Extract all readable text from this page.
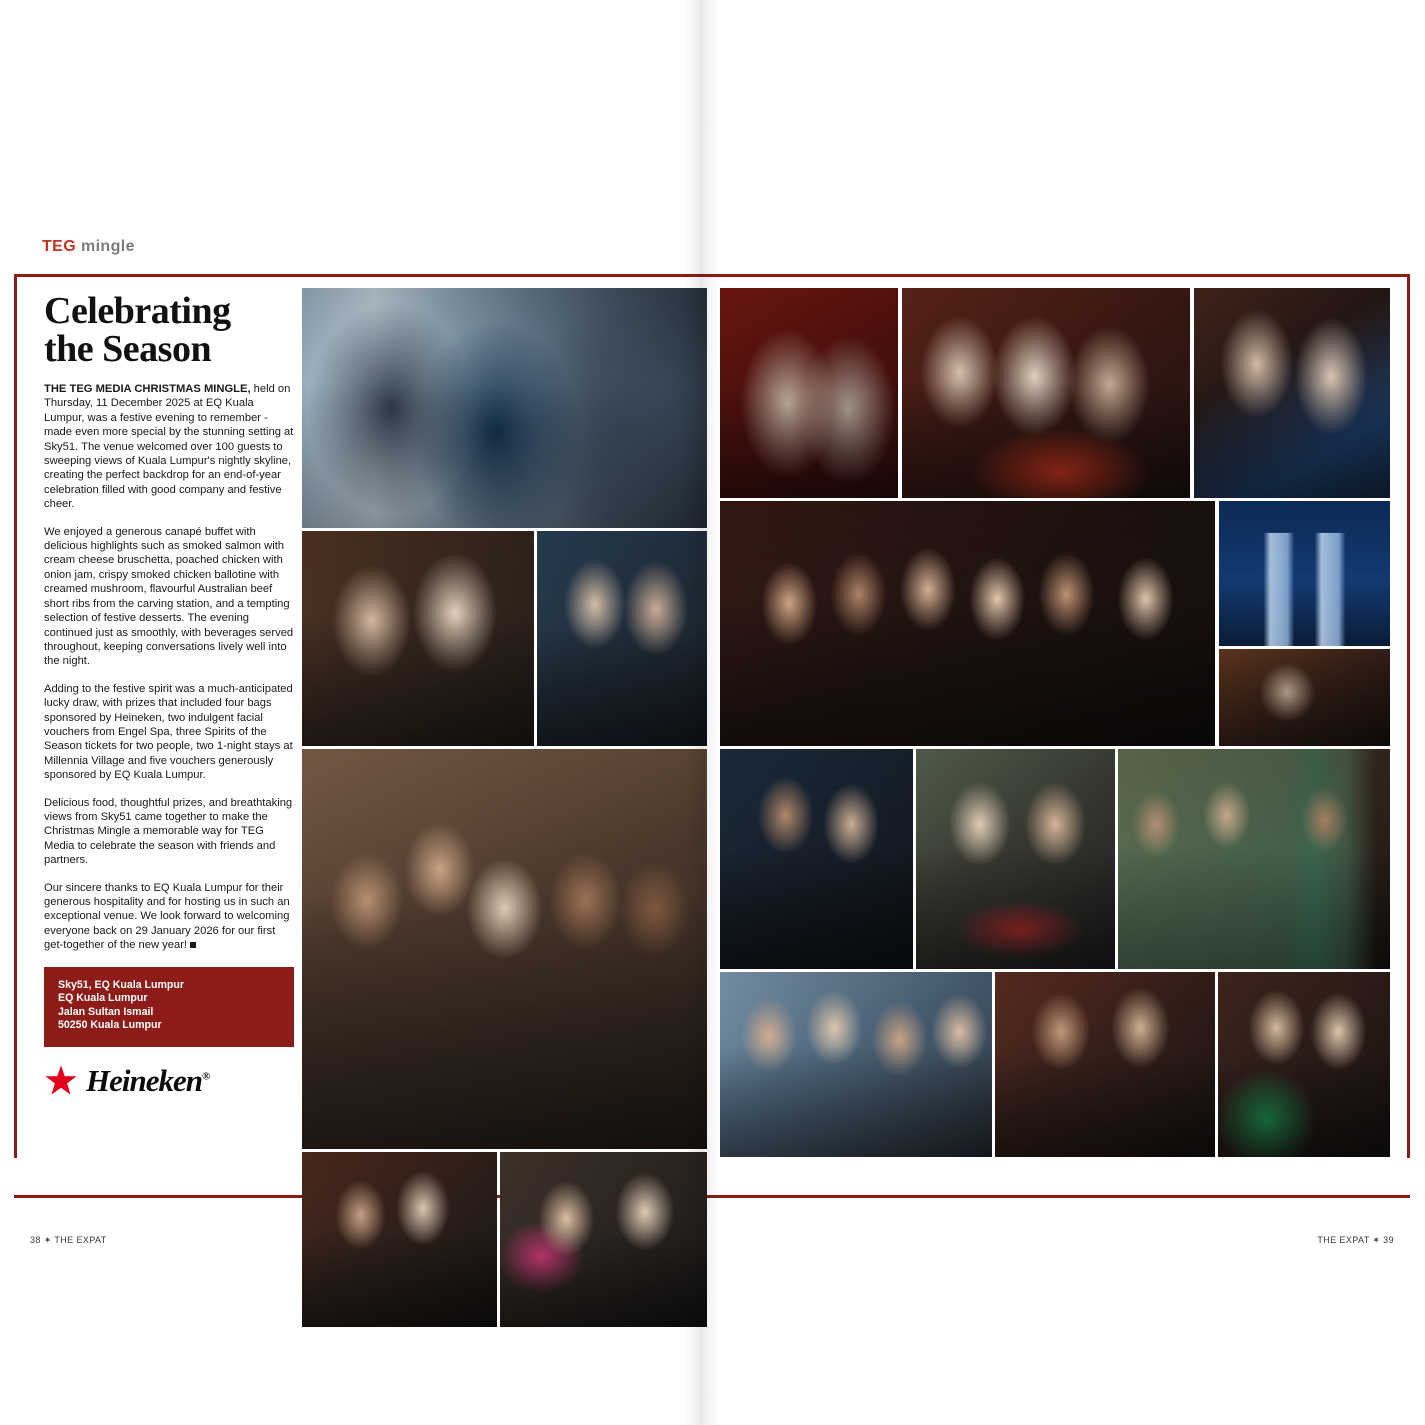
TEG mingle
Celebrating
the Season

THE TEG MEDIA CHRISTMAS MINGLE, held on Thursday, 11 December 2025 at EQ Kuala Lumpur, was a festive evening to remember - made even more special by the stunning setting at Sky51. The venue welcomed over 100 guests to sweeping views of Kuala Lumpur's nightly skyline, creating the perfect backdrop for an end-of-year celebration filled with good company and festive cheer.

We enjoyed a generous canapé buffet with delicious highlights such as smoked salmon with cream cheese bruschetta, poached chicken with onion jam, crispy smoked chicken ballotine with creamed mushroom, flavourful Australian beef short ribs from the carving station, and a tempting selection of festive desserts. The evening continued just as smoothly, with beverages served throughout, keeping conversations lively well into the night.

Adding to the festive spirit was a much-anticipated lucky draw, with prizes that included four bags sponsored by Heineken, two indulgent facial vouchers from Engel Spa, three Spirits of the Season tickets for two people, two 1-night stays at Millennia Village and five vouchers generously sponsored by EQ Kuala Lumpur.

Delicious food, thoughtful prizes, and breathtaking views from Sky51 came together to make the Christmas Mingle a memorable way for TEG Media to celebrate the season with friends and partners.

Our sincere thanks to EQ Kuala Lumpur for their generous hospitality and for hosting us in such an exceptional venue. We look forward to welcoming everyone back on 29 January 2026 for our first get-together of the new year!

Sky51, EQ Kuala Lumpur
EQ Kuala Lumpur
Jalan Sultan Ismail
50250 Kuala Lumpur
Heineken®
38 ✶ THE EXPAT	THE EXPAT ✶ 39
